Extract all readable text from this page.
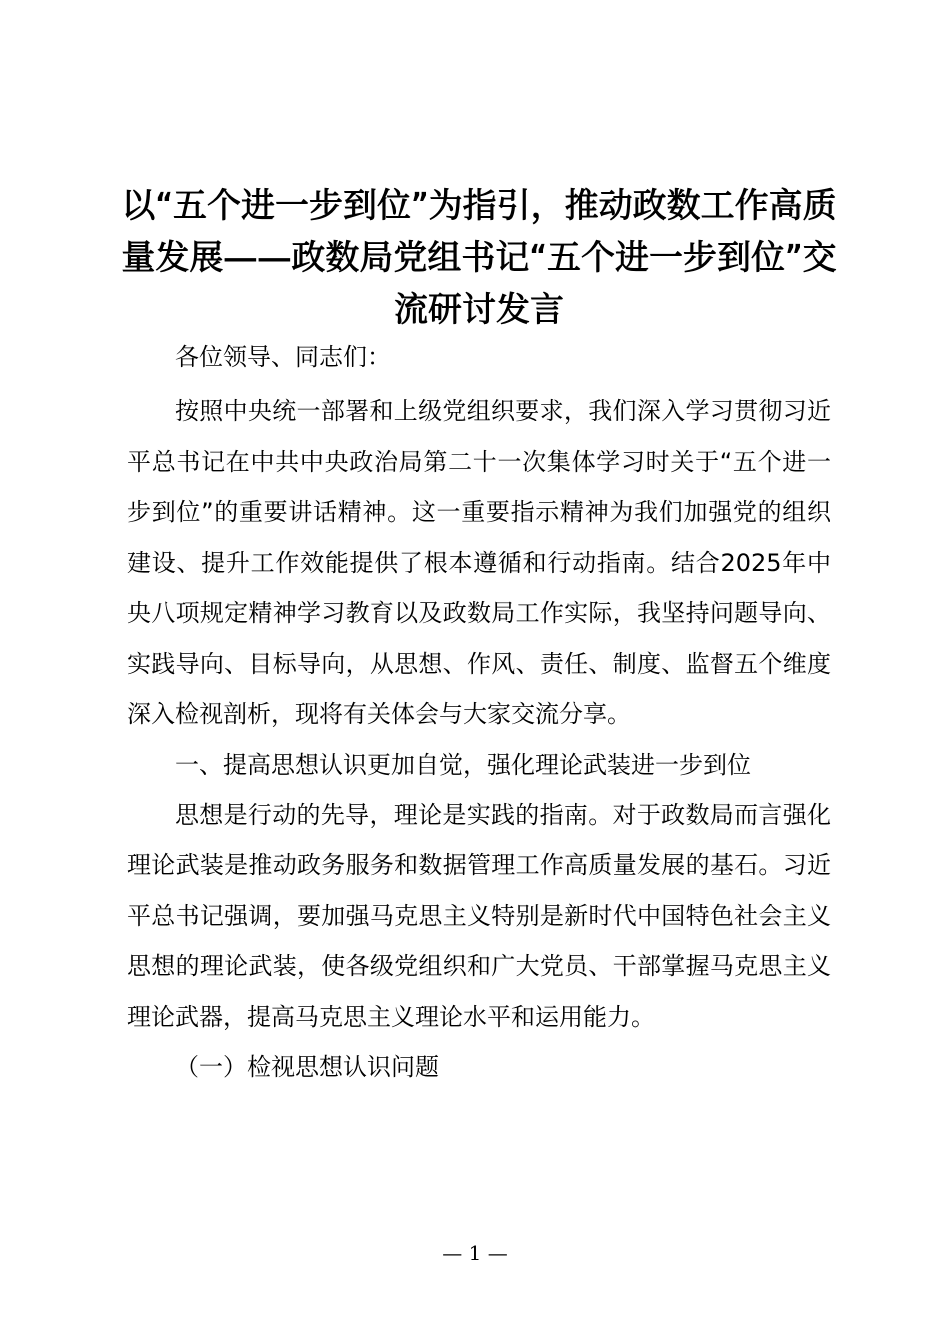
以“五个进一步到位”为指引，推动政数工作高质量发展——政数局党组书记“五个进一步到位”交流研讨发言

各位领导、同志们：

按照中央统一部署和上级党组织要求，我们深入学习贯彻习近平总书记在中共中央政治局第二十一次集体学习时关于“五个进一步到位”的重要讲话精神。这一重要指示精神为我们加强党的组织建设、提升工作效能提供了根本遵循和行动指南。结合2025年中央八项规定精神学习教育以及政数局工作实际，我坚持问题导向、实践导向、目标导向，从思想、作风、责任、制度、监督五个维度深入检视剖析，现将有关体会与大家交流分享。

一、提高思想认识更加自觉，强化理论武装进一步到位

思想是行动的先导，理论是实践的指南。对于政数局而言强化理论武装是推动政务服务和数据管理工作高质量发展的基石。习近平总书记强调，要加强马克思主义特别是新时代中国特色社会主义思想的理论武装，使各级党组织和广大党员、干部掌握马克思主义理论武器，提高马克思主义理论水平和运用能力。

（一）检视思想认识问题

— 1 —
